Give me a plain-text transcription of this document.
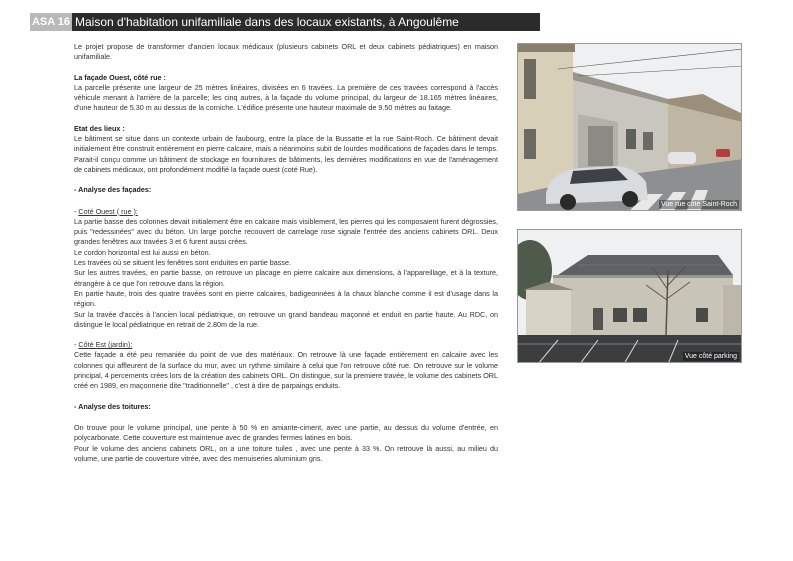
ASA 16 Maison d'habitation unifamiliale dans des locaux existants, à Angoulême

Le projet propose de transformer d'ancien locaux médicaux (plusieurs cabinets ORL et deux cabinets pédiatriques) en maison unifamiliale.

La façade Ouest, côté rue :

La parcelle présente une largeur de 25 mètres linéaires, divisées en 6 travées. La première de ces travées correspond à l'accès véhicule menant à l'arrière de la parcelle; les cinq autres, à la façade du volume principal, du largeur de 18.165 mètres linéaires, d'une hauteur de 5.30 m au dessus de la corniche. L'édifice présente une hauteur maximale de 9.50 mètres au faitage.

Etat des lieux :

Le bâtiment se situe dans un contexte urbain de faubourg, entre la place de la Bussatte et la rue Saint-Roch. Ce bâtiment devait initialement être construit entièrement en pierre calcaire, mais a néanmoins subit de lourdes modifications de façades dans le temps. Parait-il conçu comme un bâtiment de stockage en fournitures de bâtiments, les dernières modifications en vue de l'aménagement de cabinets médicaux, ont profondément modifié la façade ouest (coté Rue).

- Analyse des façades:

- Coté Ouest ( rue ):

La partie basse des colonnes devait initialement être en calcaire mais visiblement, les pierres qui les composaient furent dégrossies, puis "redessinées" avec du béton. Un large porche recouvert de carrelage rose signale l'entrée des anciens cabinets ORL. Deux grandes fenêtres aux travées 3 et 6 furent aussi crées.

Le cordon horizontal est lui aussi en béton.

Les travées où se situent les fenêtres sont enduites en partie basse.

Sur les autres travées, en partie basse, on retrouve un placage en pierre calcaire aux dimensions, à l'appareillage, et à la texture, étrangère à ce que l'on retrouve dans la région.

En partie haute, trois des quatre travées sont en pierre calcaires, badigeonnées à la chaux blanche comme il est d'usage dans la région.

Sur la travée d'accès à l'ancien local pédiatrique, on retrouve un grand bandeau maçonné et enduit en partie haute. Au RDC, on distingue le local pédiatrique en retrait de 2.80m de la rue.

- Côté Est (jardin):

Cette façade a été peu remaniée du point de vue des matériaux. On retrouve là une façade entièrement en calcaire avec les colonnes qui affleurent de la surface du mur, avec un rythme similaire à celui que l'on retrouve côté rue. On retrouve sur le volume principal, 4 percements crées lors de la création des cabinets ORL. On distingue, sur la premiere travée, le volume des cabinets ORL créé en 1989, en maçonnerie dite "traditionnelle" , c'est à dire de parpaings enduits.

- Analyse des toitures:

On trouve pour le volume principal, une pente à 50 % en amiante-ciment, avec une partie, au dessus du volume d'entrée, en polycarbonate. Cette couverture est maintenue avec de grandes fermes latines en bois.

Pour le volume des anciens cabinets ORL, on a une toiture tuiles , avec une pente à 33 %. On retrouve là aussi, au milieu du volume, une partie de couverture vitrée, avec des menuiseries aluminium gris.

Vue rue côté Saint-Roch
Vue côté parking
